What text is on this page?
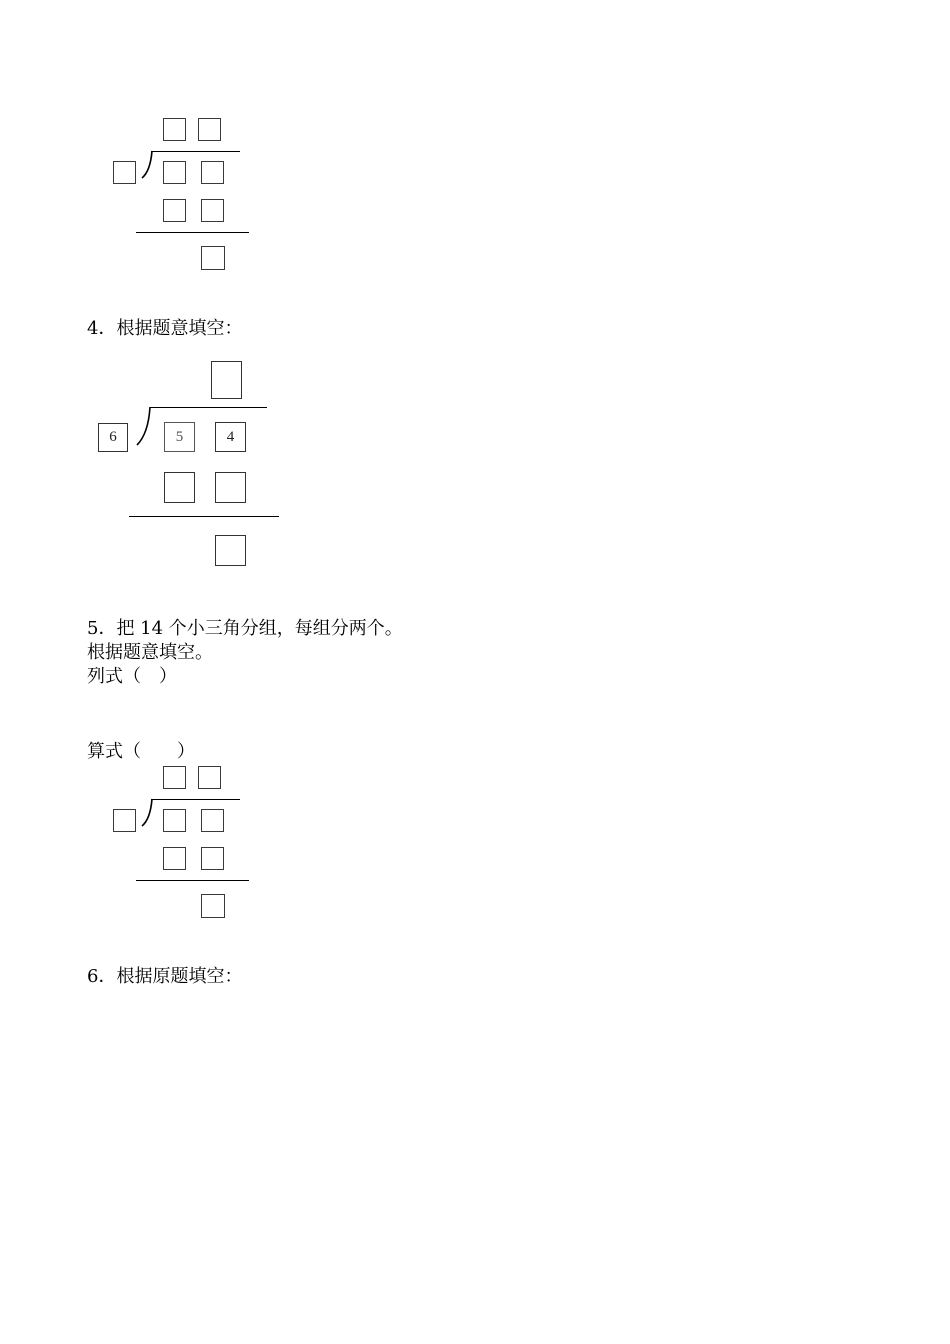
4．根据题意填空：
6	5	4
5．把 14 个小三角分组，每组分两个。
根据题意填空。
列式（　）
算式（　　）
6．根据原题填空：
